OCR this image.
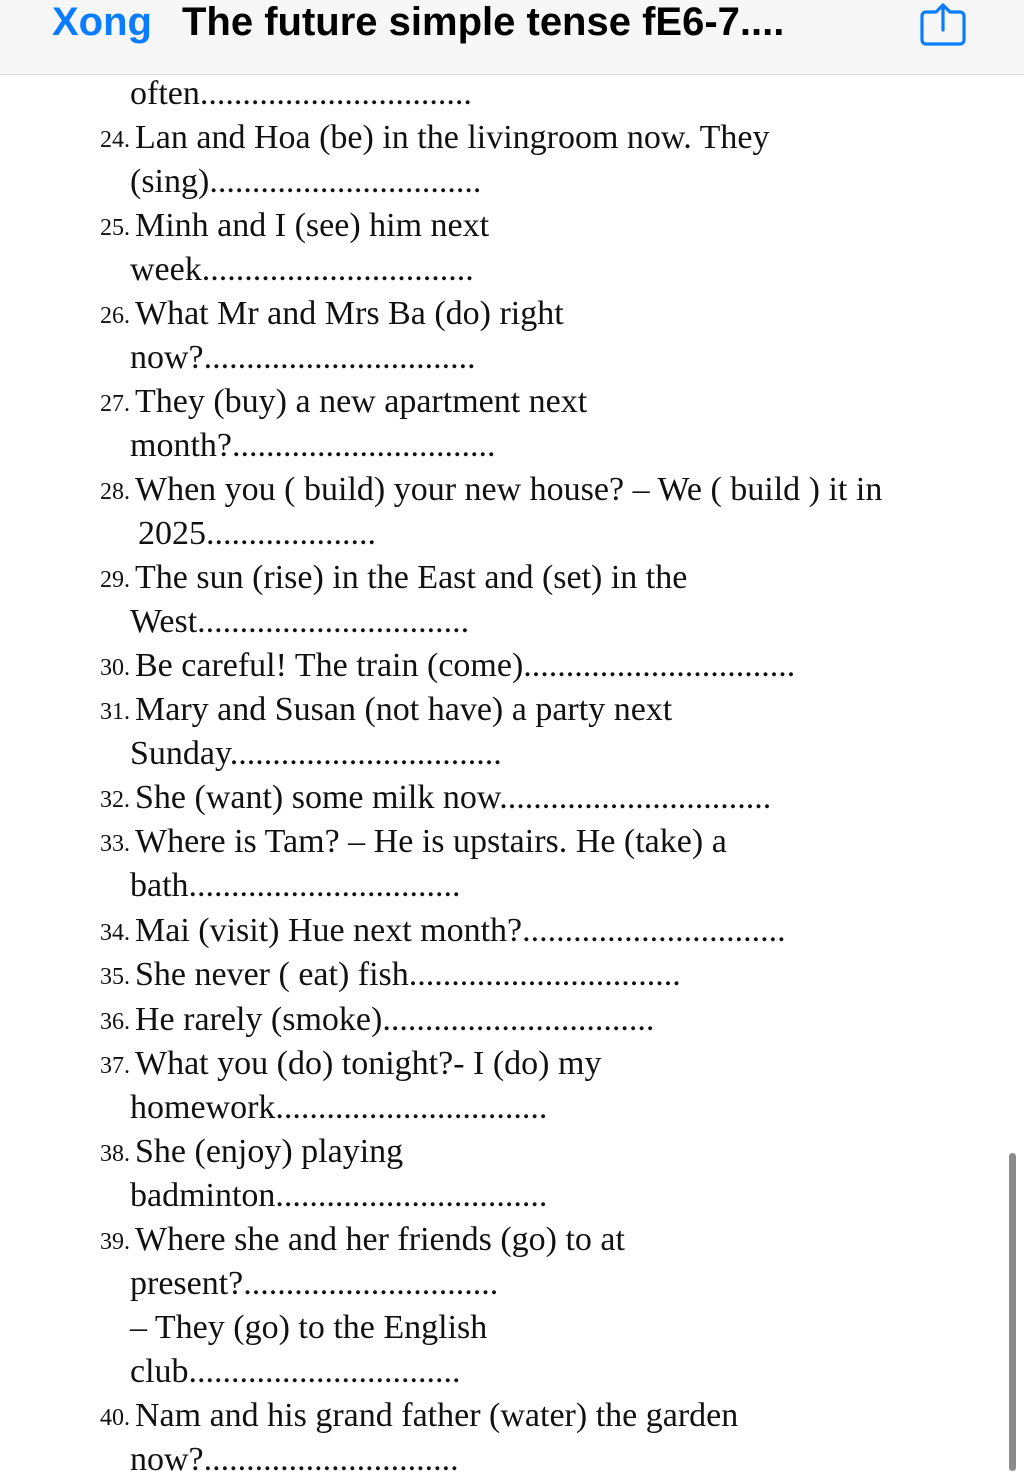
Xong The future simple tense fE6-7....
often................................
24. Lan and Hoa (be) in the livingroom now. They
(sing)................................
25. Minh and I (see) him next
week................................
26. What Mr and Mrs Ba (do) right
now?................................
27. They (buy) a new apartment next
month?...............................
28. When you ( build) your new house? – We ( build ) it in
2025....................
29. The sun (rise) in the East and (set) in the
West................................
30. Be careful! The train (come)................................
31. Mary and Susan (not have) a party next
Sunday................................
32. She (want) some milk now................................
33. Where is Tam? – He is upstairs. He (take) a
bath................................
34. Mai (visit) Hue next month?...............................
35. She never ( eat) fish................................
36. He rarely (smoke)................................
37. What you (do) tonight?- I (do) my
homework................................
38. She (enjoy) playing
badminton................................
39. Where she and her friends (go) to at
present?..............................
– They (go) to the English
club................................
40. Nam and his grand father (water) the garden
now?..............................
